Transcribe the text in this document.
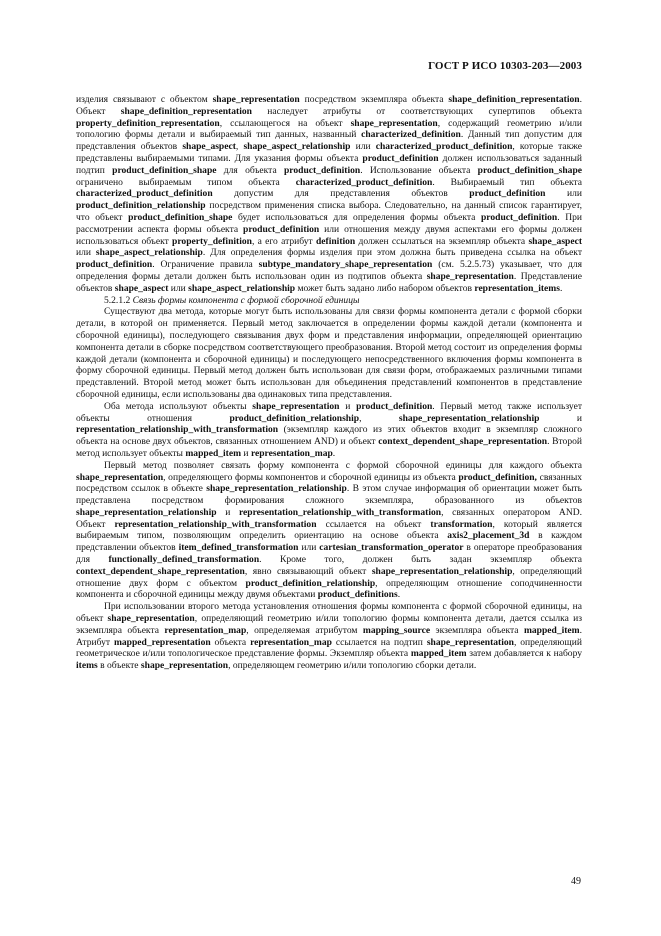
ГОСТ Р ИСО 10303-203—2003

изделия связывают с объектом shape_representation посредством экземпляра объекта shape_definition_representation. Объект shape_definition_representation наследует атрибуты от соответствующих супертипов объекта property_definition_representation, ссылающегося на объект shape_representation, содержащий геометрию и/или топологию формы детали и выбираемый тип данных, названный characterized_definition. Данный тип допустим для представления объектов shape_aspect, shape_aspect_relationship или characterized_product_definition, которые также представлены выбираемыми типами. Для указания формы объекта product_definition должен использоваться заданный подтип product_definition_shape для объекта product_definition. Использование объекта product_definition_shape ограничено выбираемым типом объекта characterized_product_definition. Выбираемый тип объекта characterized_product_definition допустим для представления объектов product_definition или product_definition_relationship посредством применения списка выбора. Следовательно, на данный список гарантирует, что объект product_definition_shape будет использоваться для определения формы объекта product_definition. При рассмотрении аспекта формы объекта product_definition или отношения между двумя аспектами его формы должен использоваться объект property_definition, а его атрибут definition должен ссылаться на экземпляр объекта shape_aspect или shape_aspect_relationship. Для определения формы изделия при этом должна быть приведена ссылка на объект product_definition. Ограничение правила subtype_mandatory_shape_representation (см. 5.2.5.73) указывает, что для определения формы детали должен быть использован один из подтипов объекта shape_representation. Представление объектов shape_aspect или shape_aspect_relationship может быть задано либо набором объектов representation_items.

5.2.1.2 Связь формы компонента с формой сборочной единицы

Существуют два метода, которые могут быть использованы для связи формы компонента детали с формой сборки детали, в которой он применяется. Первый метод заключается в определении формы каждой детали (компонента и сборочной единицы), последующего связывания двух форм и представления информации, определяющей ориентацию компонента детали в сборке посредством соответствующего преобразования. Второй метод состоит из определения формы каждой детали (компонента и сборочной единицы) и последующего непосредственного включения формы компонента в форму сборочной единицы. Первый метод должен быть использован для связи форм, отображаемых различными типами представлений. Второй метод может быть использован для объединения представлений компонентов в представление сборочной единицы, если использованы два одинаковых типа представления.

Оба метода используют объекты shape_representation и product_definition. Первый метод также использует объекты отношения product_definition_relationship, shape_representation_relationship и representation_relationship_with_transformation (экземпляр каждого из этих объектов входит в экземпляр сложного объекта на основе двух объектов, связанных отношением AND) и объект context_dependent_shape_representation. Второй метод использует объекты mapped_item и representation_map.

Первый метод позволяет связать форму компонента с формой сборочной единицы для каждого объекта shape_representation, определяющего формы компонентов и сборочной единицы из объекта product_definition, связанных посредством ссылок в объекте shape_representation_relationship. В этом случае информация об ориентации может быть представлена посредством формирования сложного экземпляра, образованного из объектов shape_representation_relationship и representation_relationship_with_transformation, связанных оператором AND. Объект representation_relationship_with_transformation ссылается на объект transformation, который является выбираемым типом, позволяющим определить ориентацию на основе объекта axis2_placement_3d в каждом представлении объектов item_defined_transformation или cartesian_transformation_operator в операторе преобразования для functionally_defined_transformation. Кроме того, должен быть задан экземпляр объекта context_dependent_shape_representation, явно связывающий объект shape_representation_relationship, определяющий отношение двух форм с объектом product_definition_relationship, определяющим отношение соподчиненности компонента и сборочной единицы между двумя объектами product_definitions.

При использовании второго метода установления отношения формы компонента с формой сборочной единицы, на объект shape_representation, определяющий геометрию и/или топологию формы компонента детали, дается ссылка из экземпляра объекта representation_map, определяемая атрибутом mapping_source экземпляра объекта mapped_item. Атрибут mapped_representation объекта representation_map ссылается на подтип shape_representation, определяющий геометрическое и/или топологическое представление формы. Экземпляр объекта mapped_item затем добавляется к набору items в объекте shape_representation, определяющем геометрию и/или топологию сборки детали.

49
